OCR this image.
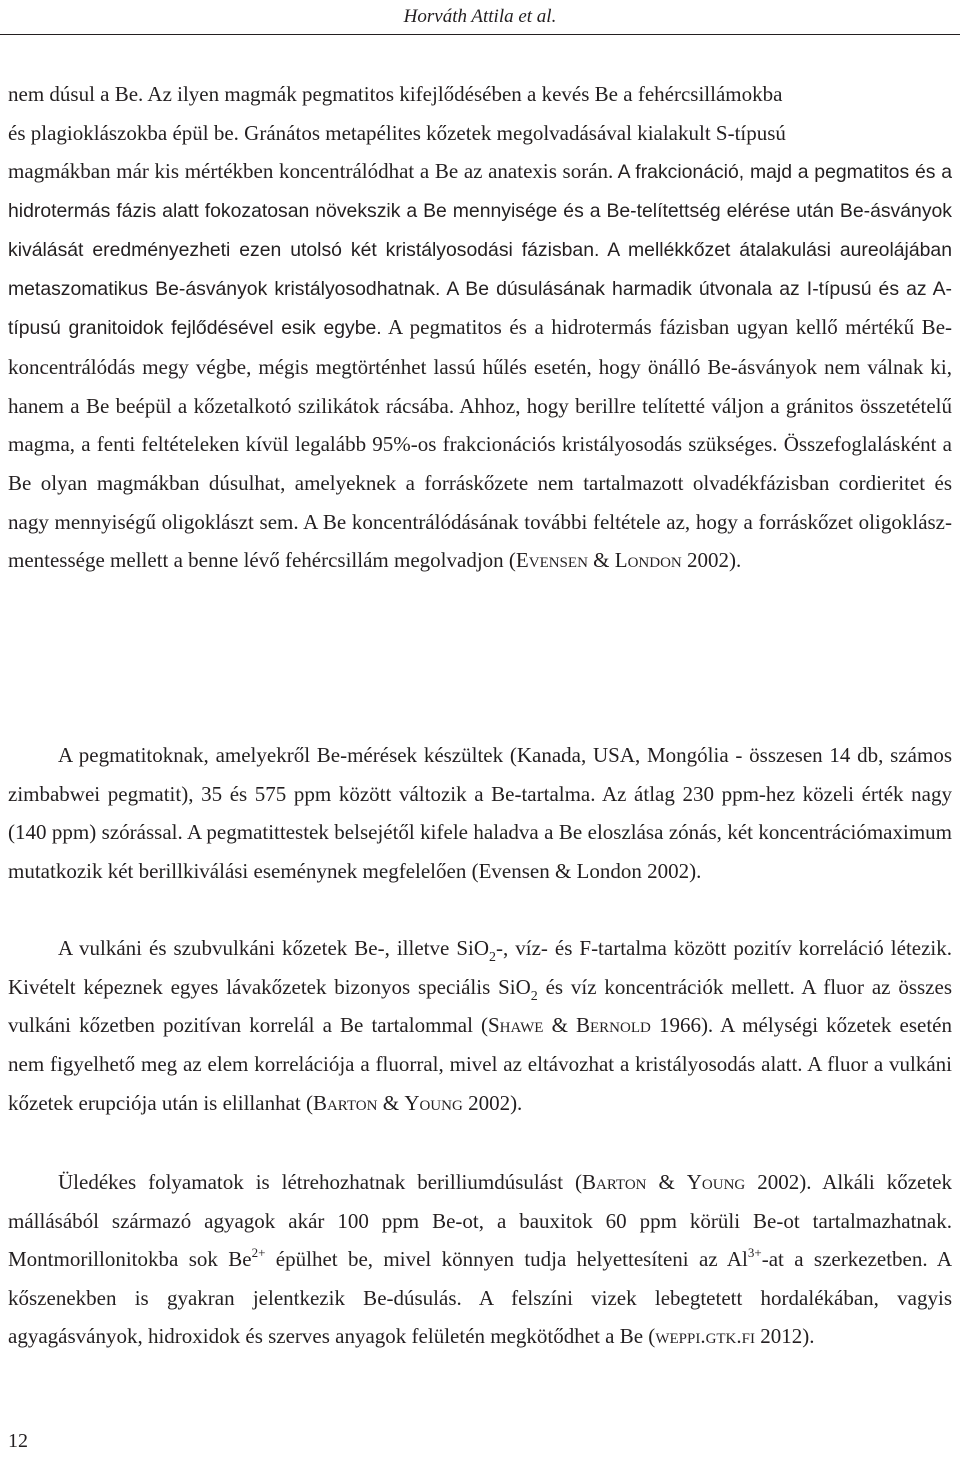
Horváth Attila et al.
nem dúsul a Be. Az ilyen magmák pegmatitos kifejlődésében a kevés Be a fehércsillámokba
és plagioklászokba épül be. Gránátos metapélites kőzetek megolvadásával kialakult S-típusú
magmákban már kis mértékben koncentrálódhat a Be az anatexis során. A frakcionáció, majd a pegmatitos és a hidrotermás fázis alatt fokozatosan növekszik a Be mennyisége és a Be-telítettség elérése után Be-ásványok kiválását eredményezheti ezen utolsó két kristályosodási fázisban. A mellékkőzet átalakulási aureolájában metaszomatikus Be-ásványok kristályosodhatnak. A Be dúsulásának harmadik útvonala az I-típusú és az A-típusú granitoidok fejlődésével esik egybe. A pegmatitos és a hidrotermás fázisban ugyan kellő mértékű Be- koncentrálódás megy végbe, mégis megtörténhet lassú hűlés esetén, hogy önálló Be-ásványok nem válnak ki, hanem a Be beépül a kőzetalkotó szilikátok rácsába. Ahhoz, hogy berillre telítetté váljon a gránitos összetételű magma, a fenti feltételeken kívül legalább 95%-os frakcionációs kristályosodás szükséges. Összefoglalásként a Be olyan magmákban dúsulhat, amelyeknek a forráskőzete nem tartalmazott olvadékfázisban cordieritet és nagy mennyiségű oligoklászt sem. A Be koncentrálódásának további feltétele az, hogy a forráskőzet oligoklász-mentessége mellett a benne lévő fehércsillám megolvadjon (Evensen & London 2002).

A pegmatitoknak, amelyekről Be-mérések készültek (Kanada, USA, Mongólia - összesen 14 db, számos zimbabwei pegmatit), 35 és 575 ppm között változik a Be-tartalma. Az átlag 230 ppm-hez közeli érték nagy (140 ppm) szórással. A pegmatittestek belsejétől kifele haladva a Be eloszlása zónás, két koncentrációmaximum mutatkozik két berillkiválási eseménynek megfelelően (Evensen & London 2002).

A vulkáni és szubvulkáni kőzetek Be-, illetve SiO$_2$-, víz- és F-tartalma között pozitív korreláció létezik. Kivételt képeznek egyes lávakőzetek bizonyos speciális SiO$_2$ és víz koncentrációk mellett. A fluor az összes vulkáni kőzetben pozitívan korrelál a Be tartalommal (Shawe & Bernold 1966). A mélységi kőzetek esetén nem figyelhető meg az elem korrelációja a fluorral, mivel az eltávozhat a kristályosodás alatt. A fluor a vulkáni kőzetek erupciója után is elillanhat (Barton & Young 2002).

Üledékes folyamatok is létrehozhatnak berilliumdúsulást (Barton & Young 2002). Alkáli kőzetek mállásából származó agyagok akár 100 ppm Be-ot, a bauxitok 60 ppm körüli Be-ot tartalmazhatnak. Montmorillonitokba sok $Be^{2+}$ épülhet be, mivel könnyen tudja helyettesíteni az $Al^{3+}-at$ a szerkezetben. A kőszenekben is gyakran jelentkezik Be-dúsulás. A felszíni vizek lebegtetett hordalékában, vagyis agyagásványok, hidroxidok és szerves anyagok felületén megkötődhet a Be (weppi.gtk.fi 2012).

12
